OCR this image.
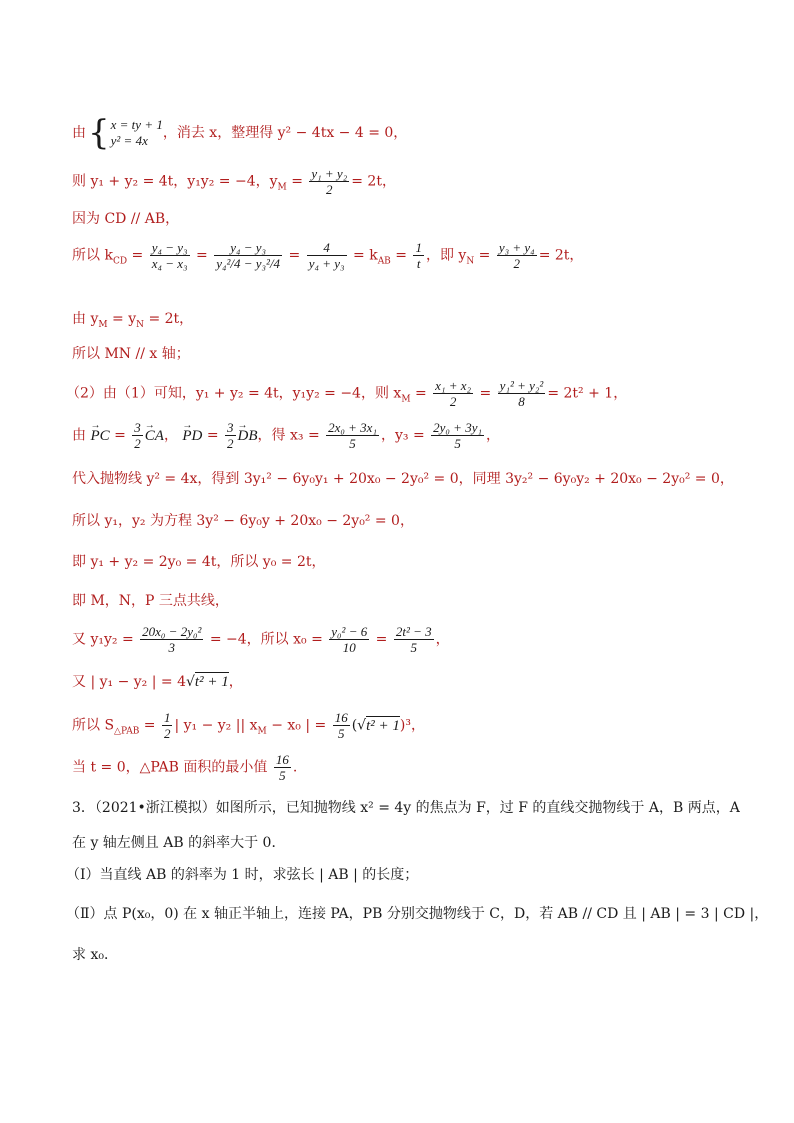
由{ x = ty + 1
y² = 4x	，消去 x，整理得 y² − 4tx − 4 = 0，
则 y₁ + y₂ = 4t，y₁y₂ = −4，$y_M = \frac{\text{y₁ + y₂}}{2} = 2t$，
因为 CD // AB，
所以 $k_{CD} = \frac{\text{y₄ − y₃}}{\text{x₄ − x₃}} = \frac{\text{y₄ − y₃}}{\text{y₄²/4 − y₃²/4}} = \frac{4}{\text{y₄ + y₃}} = k_{AB} = \frac{1}{t}$ ，即 $y_N = \frac{\text{y₃ + y₄}}{2} = 2t$，
由 $y_M = y_N = 2t$，
所以 MN // x 轴；
（2）由（1）可知，y₁ + y₂ = 4t，y₁y₂ = −4，则 $x_M = \frac{\text{x₁ + x₂}}{2} = \frac{\text{y₁² + y₂²}}{8} = 2t^2 + 1$，
由 → PC = $\frac{3}{2}$ → CA， → PD = $\frac{3}{2}$ → DB，得 $x_3 = \frac{\text{2x₀ + 3x₁}}{5}$ ，$y_3 = \frac{\text{2y₀ + 3y₁}}{5}$ ，
代入抛物线 y² = 4x，得到 3y₁² − 6y₀y₁ + 20x₀ − 2y₀² = 0，同理 3y₂² − 6y₀y₂ + 20x₀ − 2y₀² = 0，
所以 y₁，y₂ 为方程 3y² − 6y₀y + 20x₀ − 2y₀² = 0，
即 y₁ + y₂ = 2y₀ = 4t，所以 y₀ = 2t，
即 M，N，P 三点共线，
又 $y_1y_2 = \frac{\text{20x₀ − 2y₀²}}{3} = -4$，所以 $x_0 = \frac{\text{y₀² − 6}}{10} = \frac{\text{2t² − 3}}{5}$ ，
又 | y₁ − y₂ | = 4√t² + 1，
所以 $S_{\triangle PAB} = \frac{1}{2}$ | y₁ − y₂ || $x_M - x_0$ | = $\frac{16}{5} (√t^2 + 1)^3$，
当 t = 0，△PAB 面积的最小值 $\frac{16}{5}$ .
3．（2021•浙江模拟）如图所示，已知抛物线 x² = 4y 的焦点为 F，过 F 的直线交抛物线于 A，B 两点，A
在 y 轴左侧且 AB 的斜率大于 0．
（Ⅰ）当直线 AB 的斜率为 1 时，求弦长 | AB | 的长度；
（Ⅱ）点 P(x₀，0) 在 x 轴正半轴上，连接 PA，PB 分别交抛物线于 C，D，若 AB // CD 且 | AB | = 3 | CD |，
求 x₀．
